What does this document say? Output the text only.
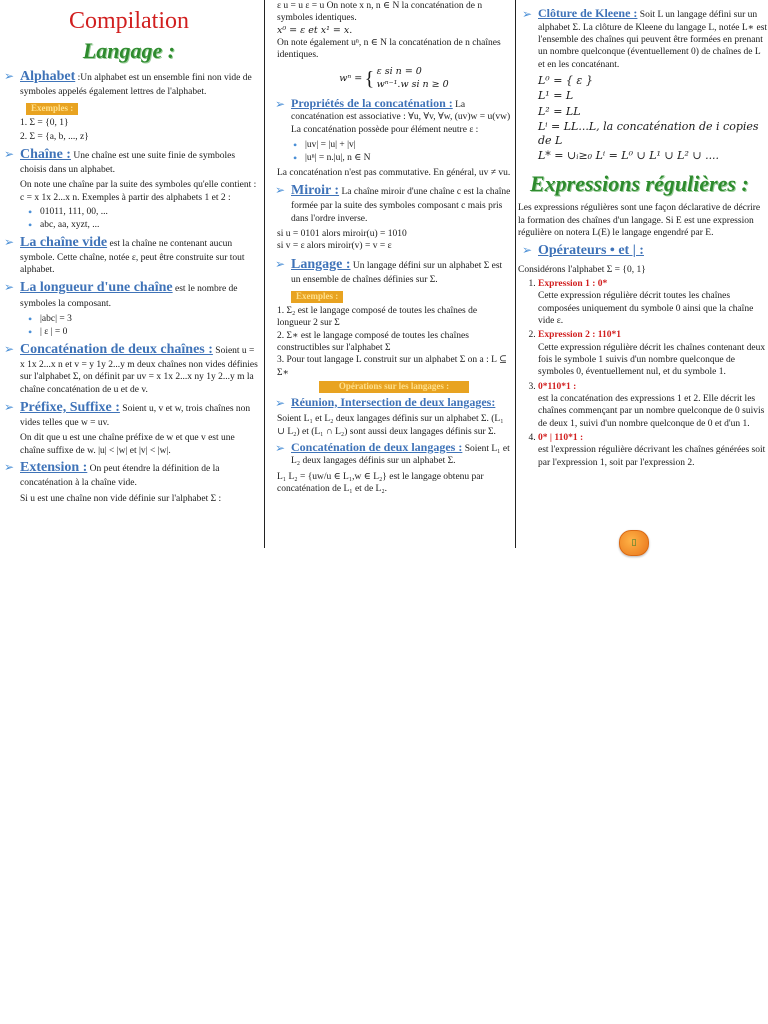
Compilation
Langage :
➢ Alphabet :Un alphabet est un ensemble fini non vide de symboles appelés également lettres de l'alphabet.
Exemples :
1. Σ = {0, 1}
2. Σ = {a, b, ..., z}
➢ Chaîne : Une chaîne est une suite finie de symboles choisis dans un alphabet.
On note une chaîne par la suite des symboles qu'elle contient : c = x 1x 2...x n. Exemples à partir des alphabets 1 et 2 :
• 01011, 111, 00, ...
• abc, aa, xyzt, ...
➢ La chaîne vide est la chaîne ne contenant aucun symbole. Cette chaîne, notée ε, peut être construite sur tout alphabet.
➢ La longueur d'une chaîne est le nombre de symboles la composant.
• |abc| = 3
• | ε | = 0
➢ Concaténation de deux chaînes : Soient u = x 1x 2...x n et v = y 1y 2...y m deux chaînes non vides définies sur l'alphabet Σ, on définit par uv = x 1x 2...x ny 1y 2...y m la chaîne concaténation de u et de v.
➢ Préfixe, Suffixe : Soient u, v et w, trois chaînes non vides telles que w = uv.
On dit que u est une chaîne préfixe de w et que v est une chaîne suffixe de w. |u| < |w| et |v| < |w|.
➢ Extension : On peut étendre la définition de la concaténation à la chaîne vide.
Si u est une chaîne non vide définie sur l'alphabet Σ :
ε u = u ε = u On note x n, n ∈ N la concaténation de n symboles identiques.
x⁰ = ε et x¹ = x.
On note également uⁿ, n ∈ N la concaténation de n chaînes identiques.
wⁿ = { ε si n = 0
wⁿ⁻¹.w si n ≥ 0
➢ Propriétés de la concaténation : La concaténation est associative : ∀u, ∀v, ∀w, (uv)w = u(vw) La concaténation possède pour élément neutre ε :
• |uv| = |u| + |v|
• |uⁿ| = n.|u|, n ∈ N
La concaténation n'est pas commutative. En général, uv ≠ vu.
➢ Miroir : La chaîne miroir d'une chaîne c est la chaîne formée par la suite des symboles composant c mais pris dans l'ordre inverse.
si u = 0101 alors miroir(u) = 1010
si v = ε alors miroir(v) = v = ε
➢ Langage : Un langage défini sur un alphabet Σ est un ensemble de chaînes définies sur Σ.
Exemples :
1. Σ₂ est le langage composé de toutes les chaînes de longueur 2 sur Σ
2. Σ∗ est le langage composé de toutes les chaînes constructibles sur l'alphabet Σ
3. Pour tout langage L construit sur un alphabet Σ on a : L ⊆ Σ∗
Opérations sur les langages :
➢ Réunion, Intersection de deux langages:
Soient L₁ et L₂ deux langages définis sur un alphabet Σ. (L₁ ∪ L₂) et (L₁ ∩ L₂) sont aussi deux langages définis sur Σ.
➢ Concaténation de deux langages : Soient L₁ et L₂ deux langages définis sur un alphabet Σ.
L₁ L₂ = {uw/u ∈ L₁,w ∈ L₂} est le langage obtenu par concaténation de L₁ et de L₂.
➢ Clôture de Kleene : Soit L un langage défini sur un alphabet Σ. La clôture de Kleene du langage L, notée L∗ est l'ensemble des chaînes qui peuvent être formées en prenant un nombre quelconque (éventuellement 0) de chaînes de L et en les concaténant.
L⁰ = { ε }
L¹ = L
L² = LL
Lⁱ = LL...L, la concaténation de i copies de L
L* = ∪ᵢ≥₀ Lⁱ = L⁰ ∪ L¹ ∪ L² ∪ ....
Expressions régulières :
Les expressions régulières sont une façon déclarative de décrire la formation des chaînes d'un langage. Si E est une expression régulière on notera L(E) le langage engendré par E.
➢ Opérateurs • et | :
Considérons l'alphabet Σ = {0, 1}
1. Expression 1 : 0*
Cette expression régulière décrit toutes les chaînes composées uniquement du symbole 0 ainsi que la chaîne vide ε.
2. Expression 2 : 110*1
Cette expression régulière décrit les chaînes contenant deux fois le symbole 1 suivis d'un nombre quelconque de symboles 0, éventuellement nul, et du symbole 1.
3. 0*110*1 :
est la concaténation des expressions 1 et 2. Elle décrit les chaînes commençant par un nombre quelconque de 0 suivis de deux 1, suivi d'un nombre quelconque de 0 et d'un 1.
4. 0* | 110*1 :
est l'expression régulière décrivant les chaînes générées soit par l'expression 1, soit par l'expression 2.
▯
